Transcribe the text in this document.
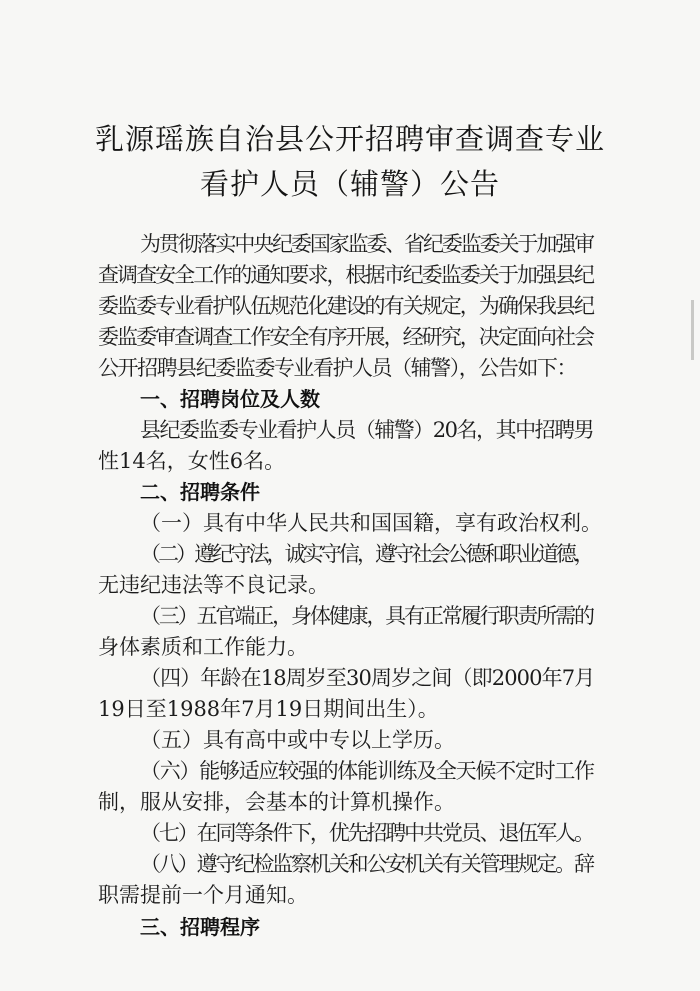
乳源瑶族自治县公开招聘审查调查专业
看护人员（辅警）公告
为贯彻落实中央纪委国家监委、省纪委监委关于加强审
查调查安全工作的通知要求，根据市纪委监委关于加强县纪
委监委专业看护队伍规范化建设的有关规定，为确保我县纪
委监委审查调查工作安全有序开展，经研究，决定面向社会
公开招聘县纪委监委专业看护人员（辅警），公告如下：
一、招聘岗位及人数
县纪委监委专业看护人员（辅警）20名，其中招聘男
性14名，女性6名。
二、招聘条件
（一）具有中华人民共和国国籍，享有政治权利。
（二）遵纪守法，诚实守信，遵守社会公德和职业道德，
无违纪违法等不良记录。
（三）五官端正，身体健康，具有正常履行职责所需的
身体素质和工作能力。
（四）年龄在18周岁至30周岁之间（即2000年7月
19日至1988年7月19日期间出生）。
（五）具有高中或中专以上学历。
（六）能够适应较强的体能训练及全天候不定时工作
制，服从安排，会基本的计算机操作。
（七）在同等条件下，优先招聘中共党员、退伍军人。
（八）遵守纪检监察机关和公安机关有关管理规定。辞
职需提前一个月通知。
三、招聘程序
